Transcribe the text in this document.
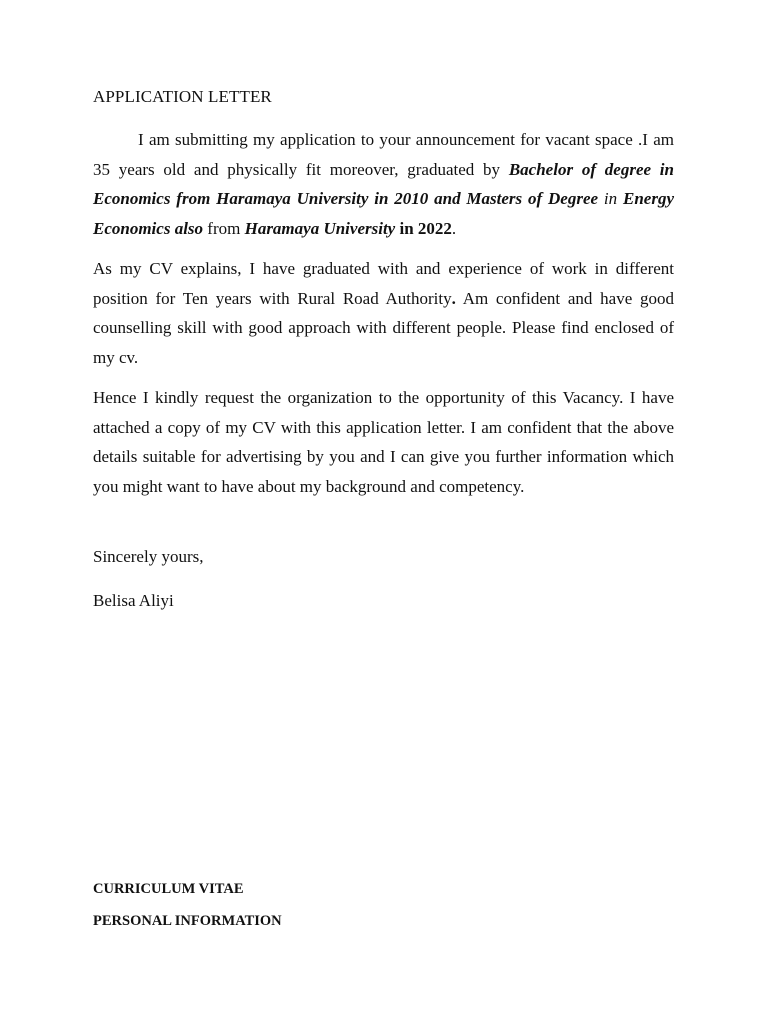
APPLICATION LETTER

I am submitting my application to your announcement for vacant space .I am 35 years old and physically fit moreover, graduated by Bachelor of degree in Economics from Haramaya University in 2010 and Masters of Degree in Energy Economics also from Haramaya University in 2022.

As my CV explains, I have graduated with and experience of work in different position for Ten years with Rural Road Authority. Am confident and have good counselling skill with good approach with different people. Please find enclosed of my cv.

Hence I kindly request the organization to the opportunity of this Vacancy. I have attached a copy of my CV with this application letter. I am confident that the above details suitable for advertising by you and I can give you further information which you might want to have about my background and competency.

Sincerely yours,
Belisa Aliyi
CURRICULUM VITAE
PERSONAL INFORMATION
